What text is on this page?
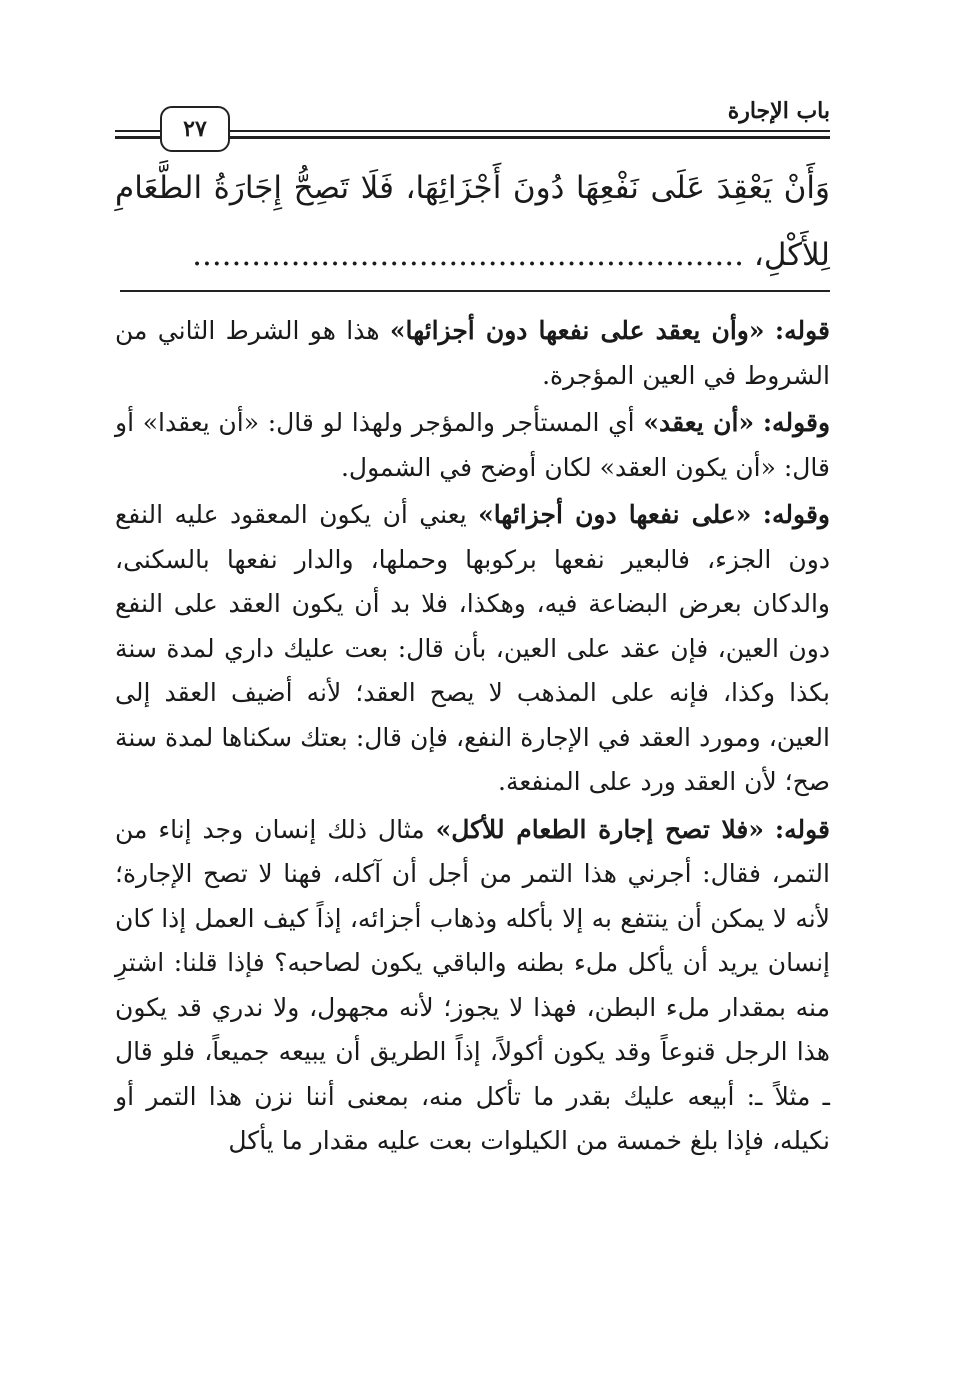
٢٧
باب الإجارة

وَأَنْ يَعْقِدَ عَلَى نَفْعِهَا دُونَ أَجْزَائِهَا، فَلَا تَصِحُّ إِجَارَةُ الطَّعَامِ لِلأَكْلِ، ........................................................

قوله: «وأن يعقد على نفعها دون أجزائها» هذا هو الشرط الثاني من الشروط في العين المؤجرة.

وقوله: «أن يعقد» أي المستأجر والمؤجر ولهذا لو قال: «أن يعقدا» أو قال: «أن يكون العقد» لكان أوضح في الشمول.

وقوله: «على نفعها دون أجزائها» يعني أن يكون المعقود عليه النفع دون الجزء، فالبعير نفعها بركوبها وحملها، والدار نفعها بالسكنى، والدكان بعرض البضاعة فيه، وهكذا، فلا بد أن يكون العقد على النفع دون العين، فإن عقد على العين، بأن قال: بعت عليك داري لمدة سنة بكذا وكذا، فإنه على المذهب لا يصح العقد؛ لأنه أضيف العقد إلى العين، ومورد العقد في الإجارة النفع، فإن قال: بعتك سكناها لمدة سنة صح؛ لأن العقد ورد على المنفعة.

قوله: «فلا تصح إجارة الطعام للأكل» مثال ذلك إنسان وجد إناء من التمر، فقال: أجرني هذا التمر من أجل أن آكله، فهنا لا تصح الإجارة؛ لأنه لا يمكن أن ينتفع به إلا بأكله وذهاب أجزائه، إذاً كيف العمل إذا كان إنسان يريد أن يأكل ملء بطنه والباقي يكون لصاحبه؟ فإذا قلنا: اشترِ منه بمقدار ملء البطن، فهذا لا يجوز؛ لأنه مجهول، ولا ندري قد يكون هذا الرجل قنوعاً وقد يكون أكولاً، إذاً الطريق أن يبيعه جميعاً، فلو قال ـ مثلاً ـ: أبيعه عليك بقدر ما تأكل منه، بمعنى أننا نزن هذا التمر أو نكيله، فإذا بلغ خمسة من الكيلوات بعت عليه مقدار ما يأكل
